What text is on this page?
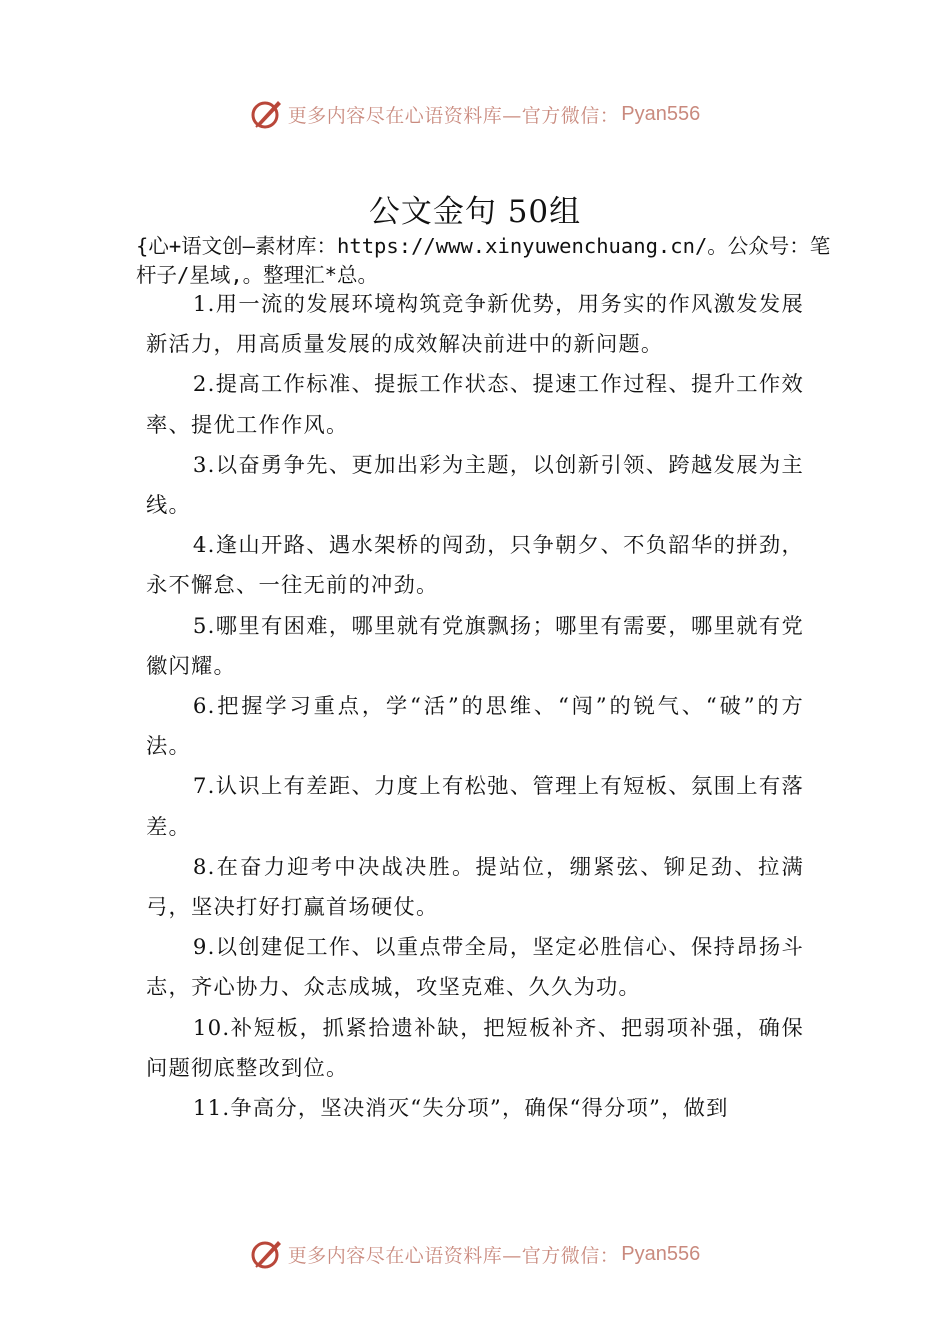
更多内容尽在心语资料库—官方微信： Pyan556
公文金句 50组
{心+语文创—素材库：https://www.xinyuwenchuang.cn/。公众号：笔杆子/星域,。整理汇*总。

1.用一流的发展环境构筑竞争新优势，用务实的作风激发发展新活力，用高质量发展的成效解决前进中的新问题。

2.提高工作标准、提振工作状态、提速工作过程、提升工作效率、提优工作作风。

3.以奋勇争先、更加出彩为主题，以创新引领、跨越发展为主线。

4.逢山开路、遇水架桥的闯劲，只争朝夕、不负韶华的拼劲，永不懈怠、一往无前的冲劲。

5.哪里有困难，哪里就有党旗飘扬；哪里有需要，哪里就有党徽闪耀。

6.把握学习重点，学“活”的思维、“闯”的锐气、“破”的方法。

7.认识上有差距、力度上有松弛、管理上有短板、氛围上有落差。

8.在奋力迎考中决战决胜。提站位，绷紧弦、铆足劲、拉满弓，坚决打好打赢首场硬仗。

9.以创建促工作、以重点带全局，坚定必胜信心、保持昂扬斗志，齐心协力、众志成城，攻坚克难、久久为功。

10.补短板，抓紧拾遗补缺，把短板补齐、把弱项补强，确保问题彻底整改到位。

11.争高分，坚决消灭“失分项”，确保“得分项”，做到

更多内容尽在心语资料库—官方微信： Pyan556
